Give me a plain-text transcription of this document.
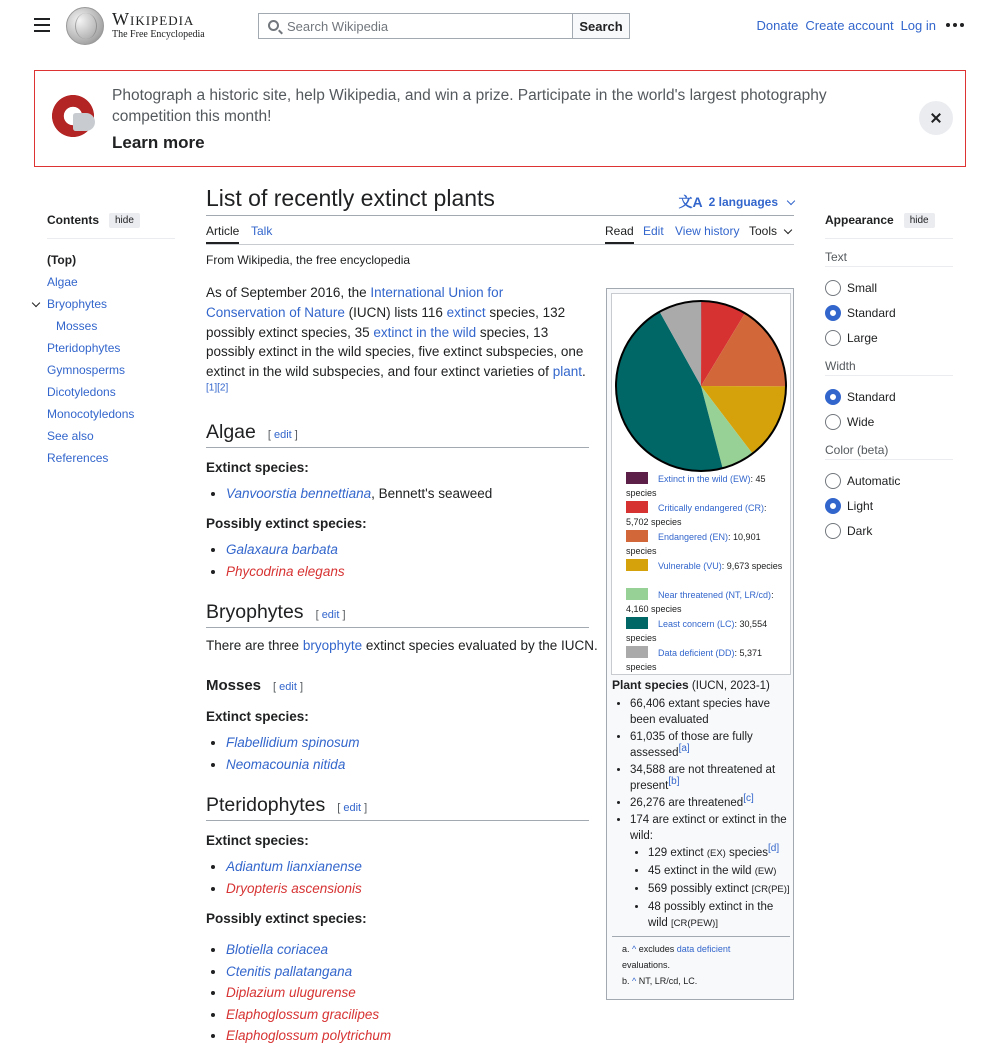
Wikipedia
The Free Encyclopedia
Search Wikipedia
Search	Donate Create account Log in
Photograph a historic site, help Wikipedia, and win a prize. Participate in the world's largest photography competition this month!
Learn more
Contents	hide
(Top)
Algae
Bryophytes
Mosses
Pteridophytes
Gymnosperms
Dicotyledons
Monocotyledons
See also
References
Appearance	hide
Text
Small
Standard
Large
Width
Standard
Wide
Color (beta)
Automatic
Light
Dark
List of recently extinct plants	文A 2 languages
Article Talk	Read Edit View history Tools
From Wikipedia, the free encyclopedia

As of September 2016, the International Union for Conservation of Nature (IUCN) lists 116 extinct species, 132 possibly extinct species, 35 extinct in the wild species, 13 possibly extinct in the wild species, five extinct subspecies, one extinct in the wild subspecies, and four extinct varieties of plant.[1][2]

Algae [ edit ]
Extinct species:
• Vanvoorstia bennettiana, Bennett's seaweed
Possibly extinct species:
• Galaxaura barbata
• Phycodrina elegans
Bryophytes [ edit ]

There are three bryophyte extinct species evaluated by the IUCN.

Mosses [ edit ]
Extinct species:
• Flabellidium spinosum
• Neomacounia nitida
Pteridophytes [ edit ]
Extinct species:
• Adiantum lianxianense
• Dryopteris ascensionis
Possibly extinct species:
• Blotiella coriacea
• Ctenitis pallatangana
• Diplazium ulugurense
• Elaphoglossum gracilipes
• Elaphoglossum polytrichum
Extinct in the wild (EW): 45 species
Critically endangered (CR): 5,702 species
Endangered (EN): 10,901 species
Vulnerable (VU): 9,673 species
Near threatened (NT, LR/cd): 4,160 species
Least concern (LC): 30,554 species
Data deficient (DD): 5,371 species
Plant species (IUCN, 2023-1)
• 66,406 extant species have been evaluated
• 61,035 of those are fully assessed[a]
• 34,588 are not threatened at present[b]
• 26,276 are threatened[c]
• 174 are extinct or extinct in the wild:
• 129 extinct (EX) species[d]
• 45 extinct in the wild (EW)
• 569 possibly extinct [CR(PE)]
• 48 possibly extinct in the wild [CR(PEW)]
a. ^ excludes data deficient
evaluations.
b. ^ NT, LR/cd, LC.
